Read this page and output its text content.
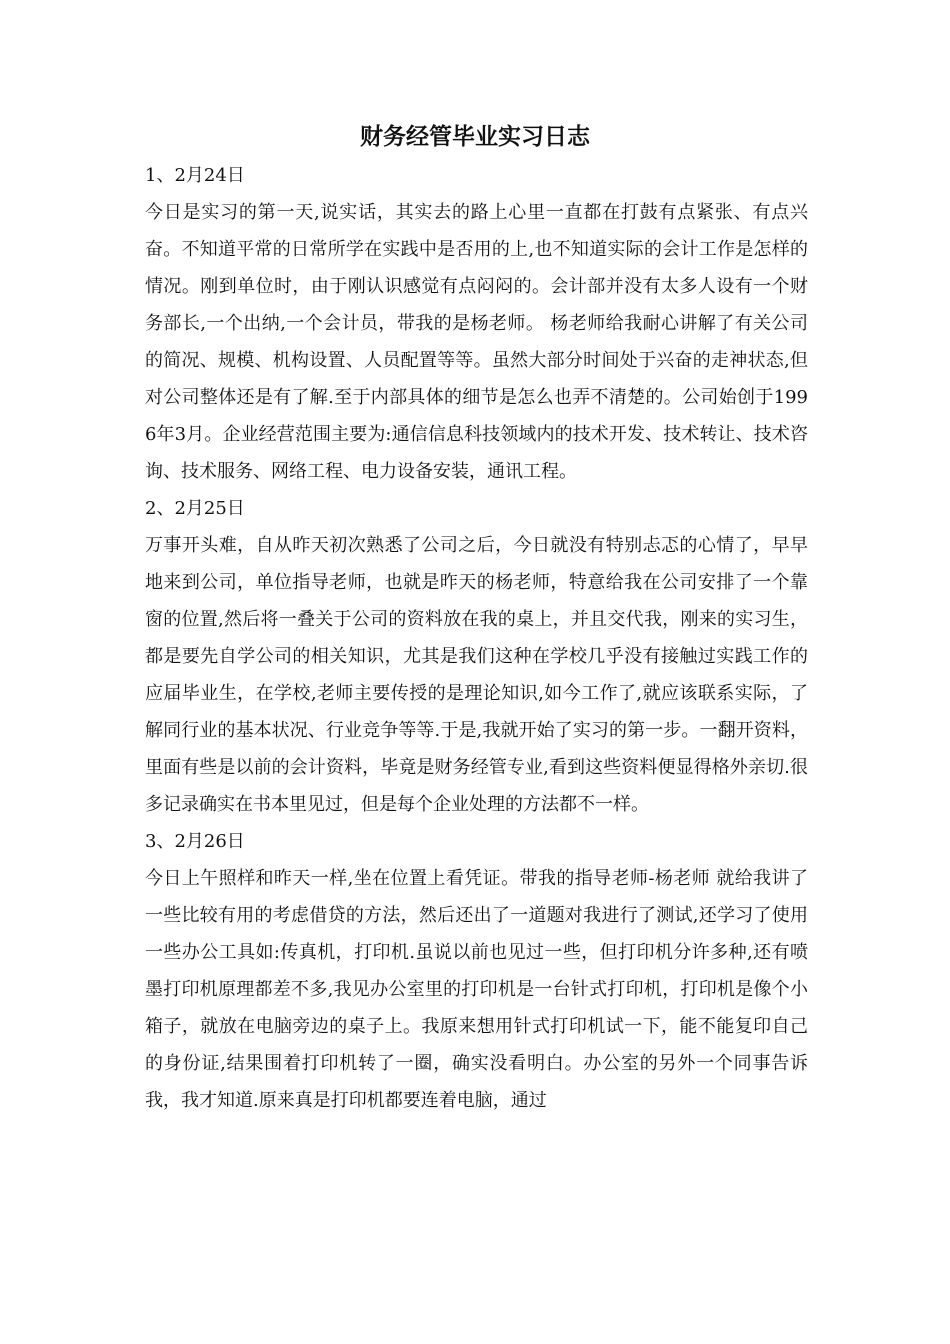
财务经管毕业实习日志
1、2月24日

今日是实习的第一天,说实话，其实去的路上心里一直都在打鼓有点紧张、有点兴奋。不知道平常的日常所学在实践中是否用的上,也不知道实际的会计工作是怎样的情况。刚到单位时，由于刚认识感觉有点闷闷的。会计部并没有太多人设有一个财务部长,一个出纳,一个会计员，带我的是杨老师。 杨老师给我耐心讲解了有关公司的简况、规模、机构设置、人员配置等等。虽然大部分时间处于兴奋的走神状态,但对公司整体还是有了解.至于内部具体的细节是怎么也弄不清楚的。公司始创于1996年3月。企业经营范围主要为:通信信息科技领域内的技术开发、技术转让、技术咨询、技术服务、网络工程、电力设备安装，通讯工程。

2、2月25日

万事开头难，自从昨天初次熟悉了公司之后，今日就没有特别忐忑的心情了，早早地来到公司，单位指导老师，也就是昨天的杨老师，特意给我在公司安排了一个靠窗的位置,然后将一叠关于公司的资料放在我的桌上，并且交代我，刚来的实习生，都是要先自学公司的相关知识，尤其是我们这种在学校几乎没有接触过实践工作的应届毕业生，在学校,老师主要传授的是理论知识,如今工作了,就应该联系实际，了解同行业的基本状况、行业竞争等等.于是,我就开始了实习的第一步。一翻开资料，里面有些是以前的会计资料，毕竟是财务经管专业,看到这些资料便显得格外亲切.很多记录确实在书本里见过，但是每个企业处理的方法都不一样。

3、2月26日

今日上午照样和昨天一样,坐在位置上看凭证。带我的指导老师-杨老师 就给我讲了一些比较有用的考虑借贷的方法，然后还出了一道题对我进行了测试,还学习了使用一些办公工具如:传真机，打印机.虽说以前也见过一些，但打印机分许多种,还有喷墨打印机原理都差不多,我见办公室里的打印机是一台针式打印机，打印机是像个小箱子，就放在电脑旁边的桌子上。我原来想用针式打印机试一下，能不能复印自己的身份证,结果围着打印机转了一圈，确实没看明白。办公室的另外一个同事告诉我，我才知道.原来真是打印机都要连着电脑，通过
